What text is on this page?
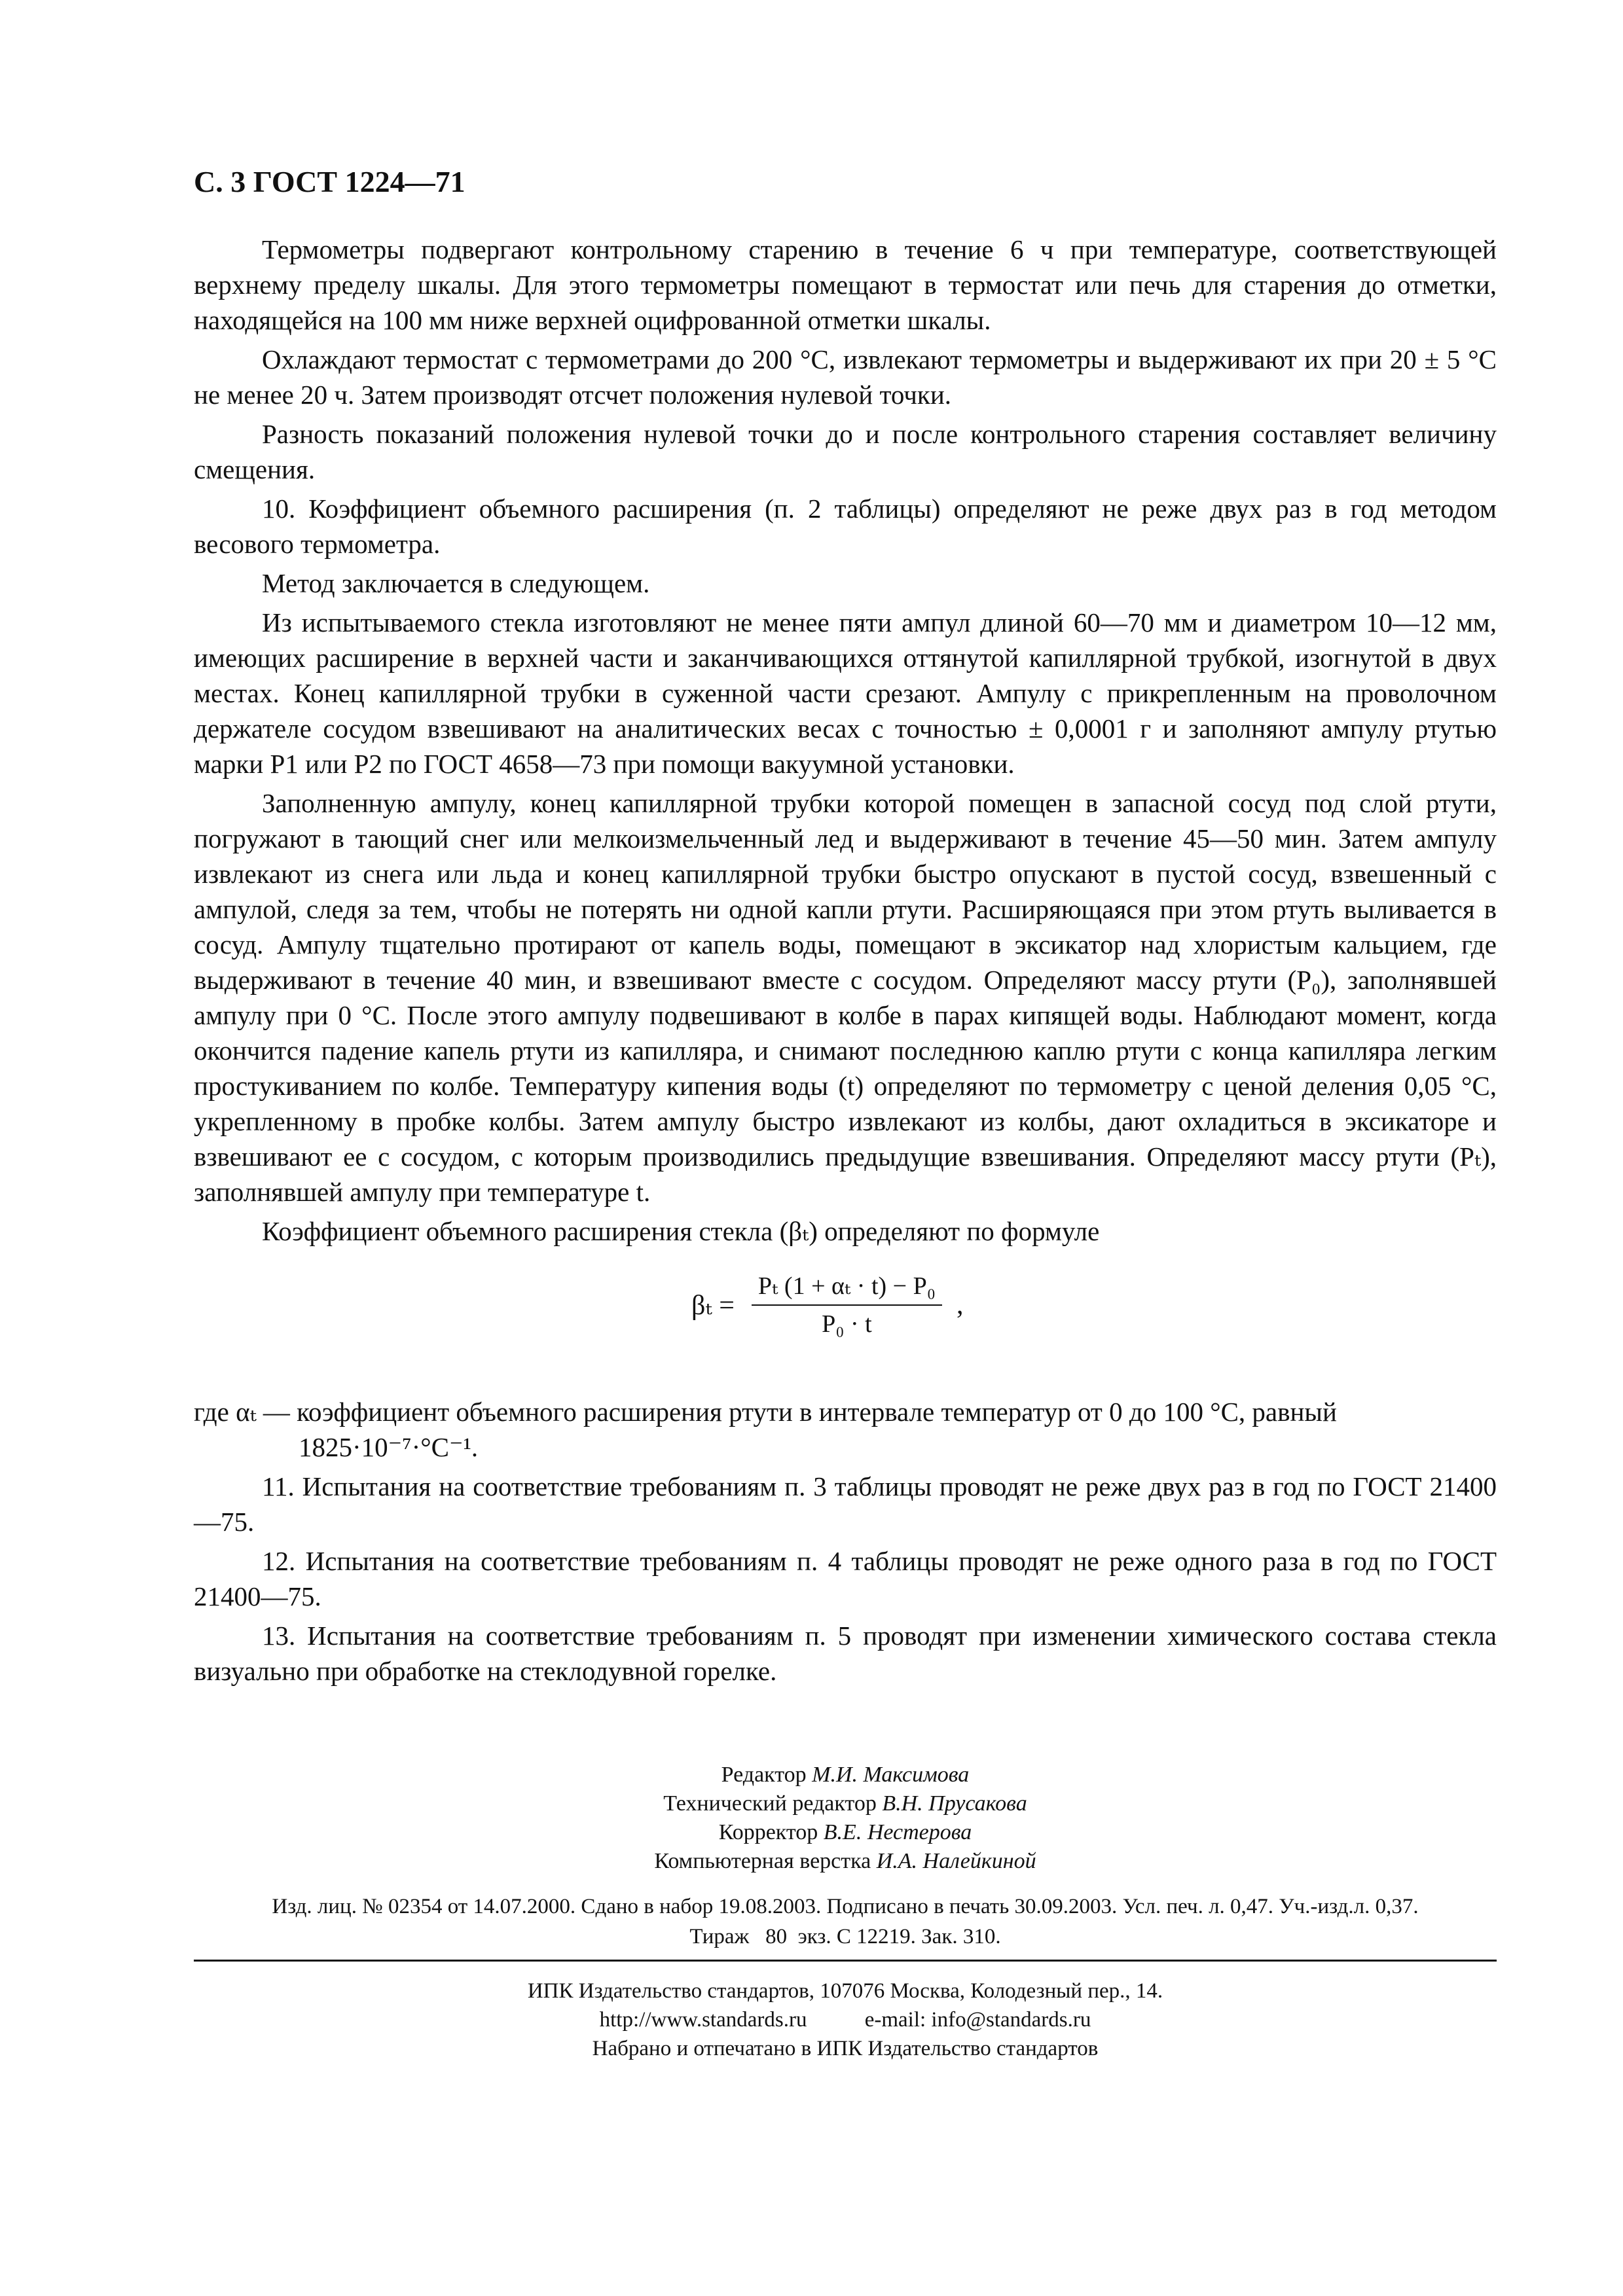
С. 3 ГОСТ 1224—71

Термометры подвергают контрольному старению в течение 6 ч при температуре, соответствующей верхнему пределу шкалы. Для этого термометры помещают в термостат или печь для старения до отметки, находящейся на 100 мм ниже верхней оцифрованной отметки шкалы.

Охлаждают термостат с термометрами до 200 °С, извлекают термометры и выдерживают их при 20 ± 5 °С не менее 20 ч. Затем производят отсчет положения нулевой точки.

Разность показаний положения нулевой точки до и после контрольного старения составляет величину смещения.

10. Коэффициент объемного расширения (п. 2 таблицы) определяют не реже двух раз в год методом весового термометра.

Метод заключается в следующем.

Из испытываемого стекла изготовляют не менее пяти ампул длиной 60—70 мм и диаметром 10—12 мм, имеющих расширение в верхней части и заканчивающихся оттянутой капиллярной трубкой, изогнутой в двух местах. Конец капиллярной трубки в суженной части срезают. Ампулу с прикрепленным на проволочном держателе сосудом взвешивают на аналитических весах с точностью ± 0,0001 г и заполняют ампулу ртутью марки Р1 или Р2 по ГОСТ 4658—73 при помощи вакуумной установки.

Заполненную ампулу, конец капиллярной трубки которой помещен в запасной сосуд под слой ртути, погружают в тающий снег или мелкоизмельченный лед и выдерживают в течение 45—50 мин. Затем ампулу извлекают из снега или льда и конец капиллярной трубки быстро опускают в пустой сосуд, взвешенный с ампулой, следя за тем, чтобы не потерять ни одной капли ртути. Расширяющаяся при этом ртуть выливается в сосуд. Ампулу тщательно протирают от капель воды, помещают в эксикатор над хлористым кальцием, где выдерживают в течение 40 мин, и взвешивают вместе с сосудом. Определяют массу ртути (P₀), заполнявшей ампулу при 0 °С. После этого ампулу подвешивают в колбе в парах кипящей воды. Наблюдают момент, когда окончится падение капель ртути из капилляра, и снимают последнюю каплю ртути с конца капилляра легким простукиванием по колбе. Температуру кипения воды (t) определяют по термометру с ценой деления 0,05 °С, укрепленному в пробке колбы. Затем ампулу быстро извлекают из колбы, дают охладиться в эксикаторе и взвешивают ее с сосудом, с которым производились предыдущие взвешивания. Определяют массу ртути (Pₜ), заполнявшей ампулу при температуре t.

Коэффициент объемного расширения стекла (βₜ) определяют по формуле

$\beta_t = \frac{\text{Pₜ (1 + αₜ · t) − P₀}}{\text{P₀ · t}}$ ,
где αₜ — коэффициент объемного расширения ртути в интервале температур от 0 до 100 °С, равный
1825·10⁻⁷·°С⁻¹.

11. Испытания на соответствие требованиям п. 3 таблицы проводят не реже двух раз в год по ГОСТ 21400—75.

12. Испытания на соответствие требованиям п. 4 таблицы проводят не реже одного раза в год по ГОСТ 21400—75.

13. Испытания на соответствие требованиям п. 5 проводят при изменении химического состава стекла визуально при обработке на стеклодувной горелке.

Редактор М.И. Максимова
Технический редактор В.Н. Прусакова
Корректор В.Е. Нестерова
Компьютерная верстка И.А. Налейкиной
Изд. лиц. № 02354 от 14.07.2000. Сдано в набор 19.08.2003. Подписано в печать 30.09.2003. Усл. печ. л. 0,47. Уч.-изд.л. 0,37.
Тираж   80  экз. С 12219. Зак. 310.
ИПК Издательство стандартов, 107076 Москва, Колодезный пер., 14.
http://www.standards.ru	e-mail: info@standards.ru
Набрано и отпечатано в ИПК Издательство стандартов
